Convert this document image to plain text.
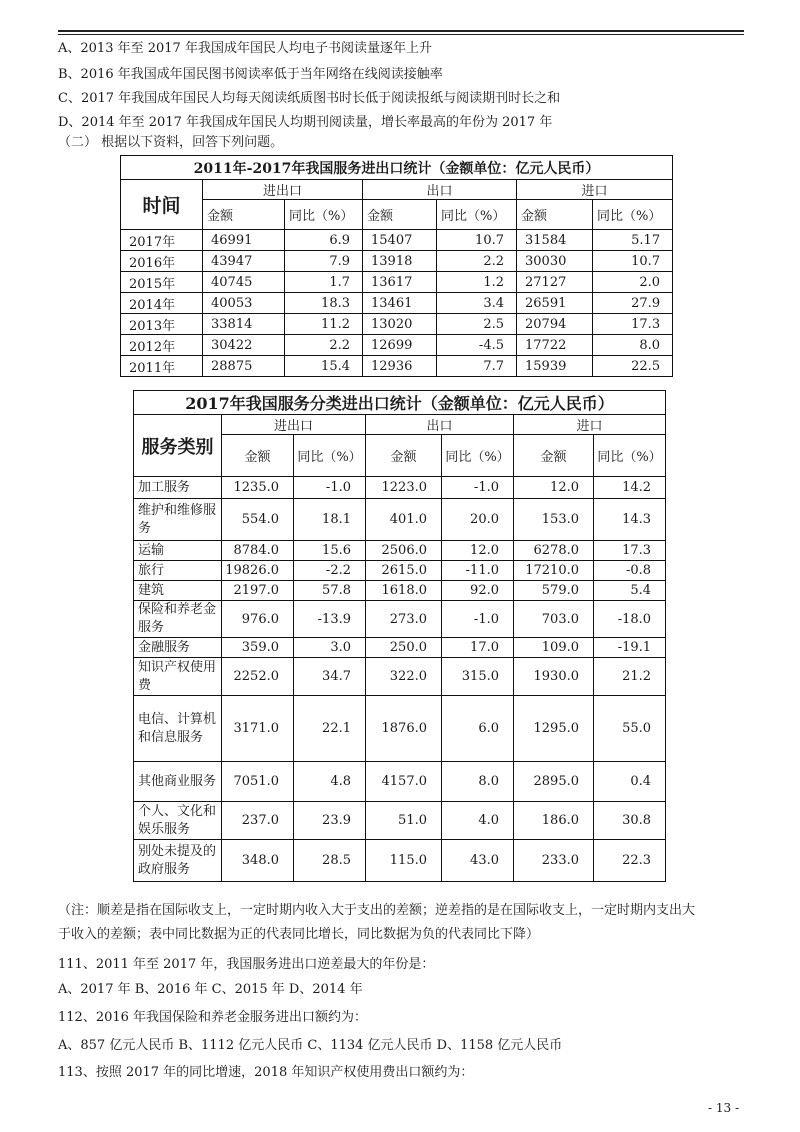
A、2013 年至 2017 年我国成年国民人均电子书阅读量逐年上升
B、2016 年我国成年国民图书阅读率低于当年网络在线阅读接触率
C、2017 年我国成年国民人均每天阅读纸质图书时长低于阅读报纸与阅读期刊时长之和
D、2014 年至 2017 年我国成年国民人均期刊阅读量，增长率最高的年份为 2017 年
（二） 根据以下资料，回答下列问题。
2011年-2017年我国服务进出口统计（金额单位：亿元人民币）						
时间	进出口		出口		进口	
	金额	同比（%）	金额	同比（%）	金额	同比（%）
2017年	46991	6.9	15407	10.7	31584	5.17
2016年	43947	7.9	13918	2.2	30030	10.7
2015年	40745	1.7	13617	1.2	27127	2.0
2014年	40053	18.3	13461	3.4	26591	27.9
2013年	33814	11.2	13020	2.5	20794	17.3
2012年	30422	2.2	12699	-4.5	17722	8.0
2011年	28875	15.4	12936	7.7	15939	22.5
2017年我国服务分类进出口统计（金额单位：亿元人民币）						
服务类别	进出口		出口		进口	
	金额	同比（%）	金额	同比（%）	金额	同比（%）
加工服务	1235.0	-1.0	1223.0	-1.0	12.0	14.2
维护和维修服务	554.0	18.1	401.0	20.0	153.0	14.3
运输	8784.0	15.6	2506.0	12.0	6278.0	17.3
旅行	19826.0	-2.2	2615.0	-11.0	17210.0	-0.8
建筑	2197.0	57.8	1618.0	92.0	579.0	5.4
保险和养老金服务	976.0	-13.9	273.0	-1.0	703.0	-18.0
金融服务	359.0	3.0	250.0	17.0	109.0	-19.1
知识产权使用费	2252.0	34.7	322.0	315.0	1930.0	21.2
电信、计算机和信息服务	3171.0	22.1	1876.0	6.0	1295.0	55.0
其他商业服务	7051.0	4.8	4157.0	8.0	2895.0	0.4
个人、文化和娱乐服务	237.0	23.9	51.0	4.0	186.0	30.8
别处未提及的政府服务	348.0	28.5	115.0	43.0	233.0	22.3
（注：顺差是指在国际收支上，一定时期内收入大于支出的差额；逆差指的是在国际收支上，一定时期内支出大
于收入的差额；表中同比数据为正的代表同比增长，同比数据为负的代表同比下降）
111、2011 年至 2017 年，我国服务进出口逆差最大的年份是：
A、2017 年 B、2016 年 C、2015 年 D、2014 年
112、2016 年我国保险和养老金服务进出口额约为：
A、857 亿元人民币 B、1112 亿元人民币 C、1134 亿元人民币 D、1158 亿元人民币
113、按照 2017 年的同比增速，2018 年知识产权使用费出口额约为：
- 13 -
